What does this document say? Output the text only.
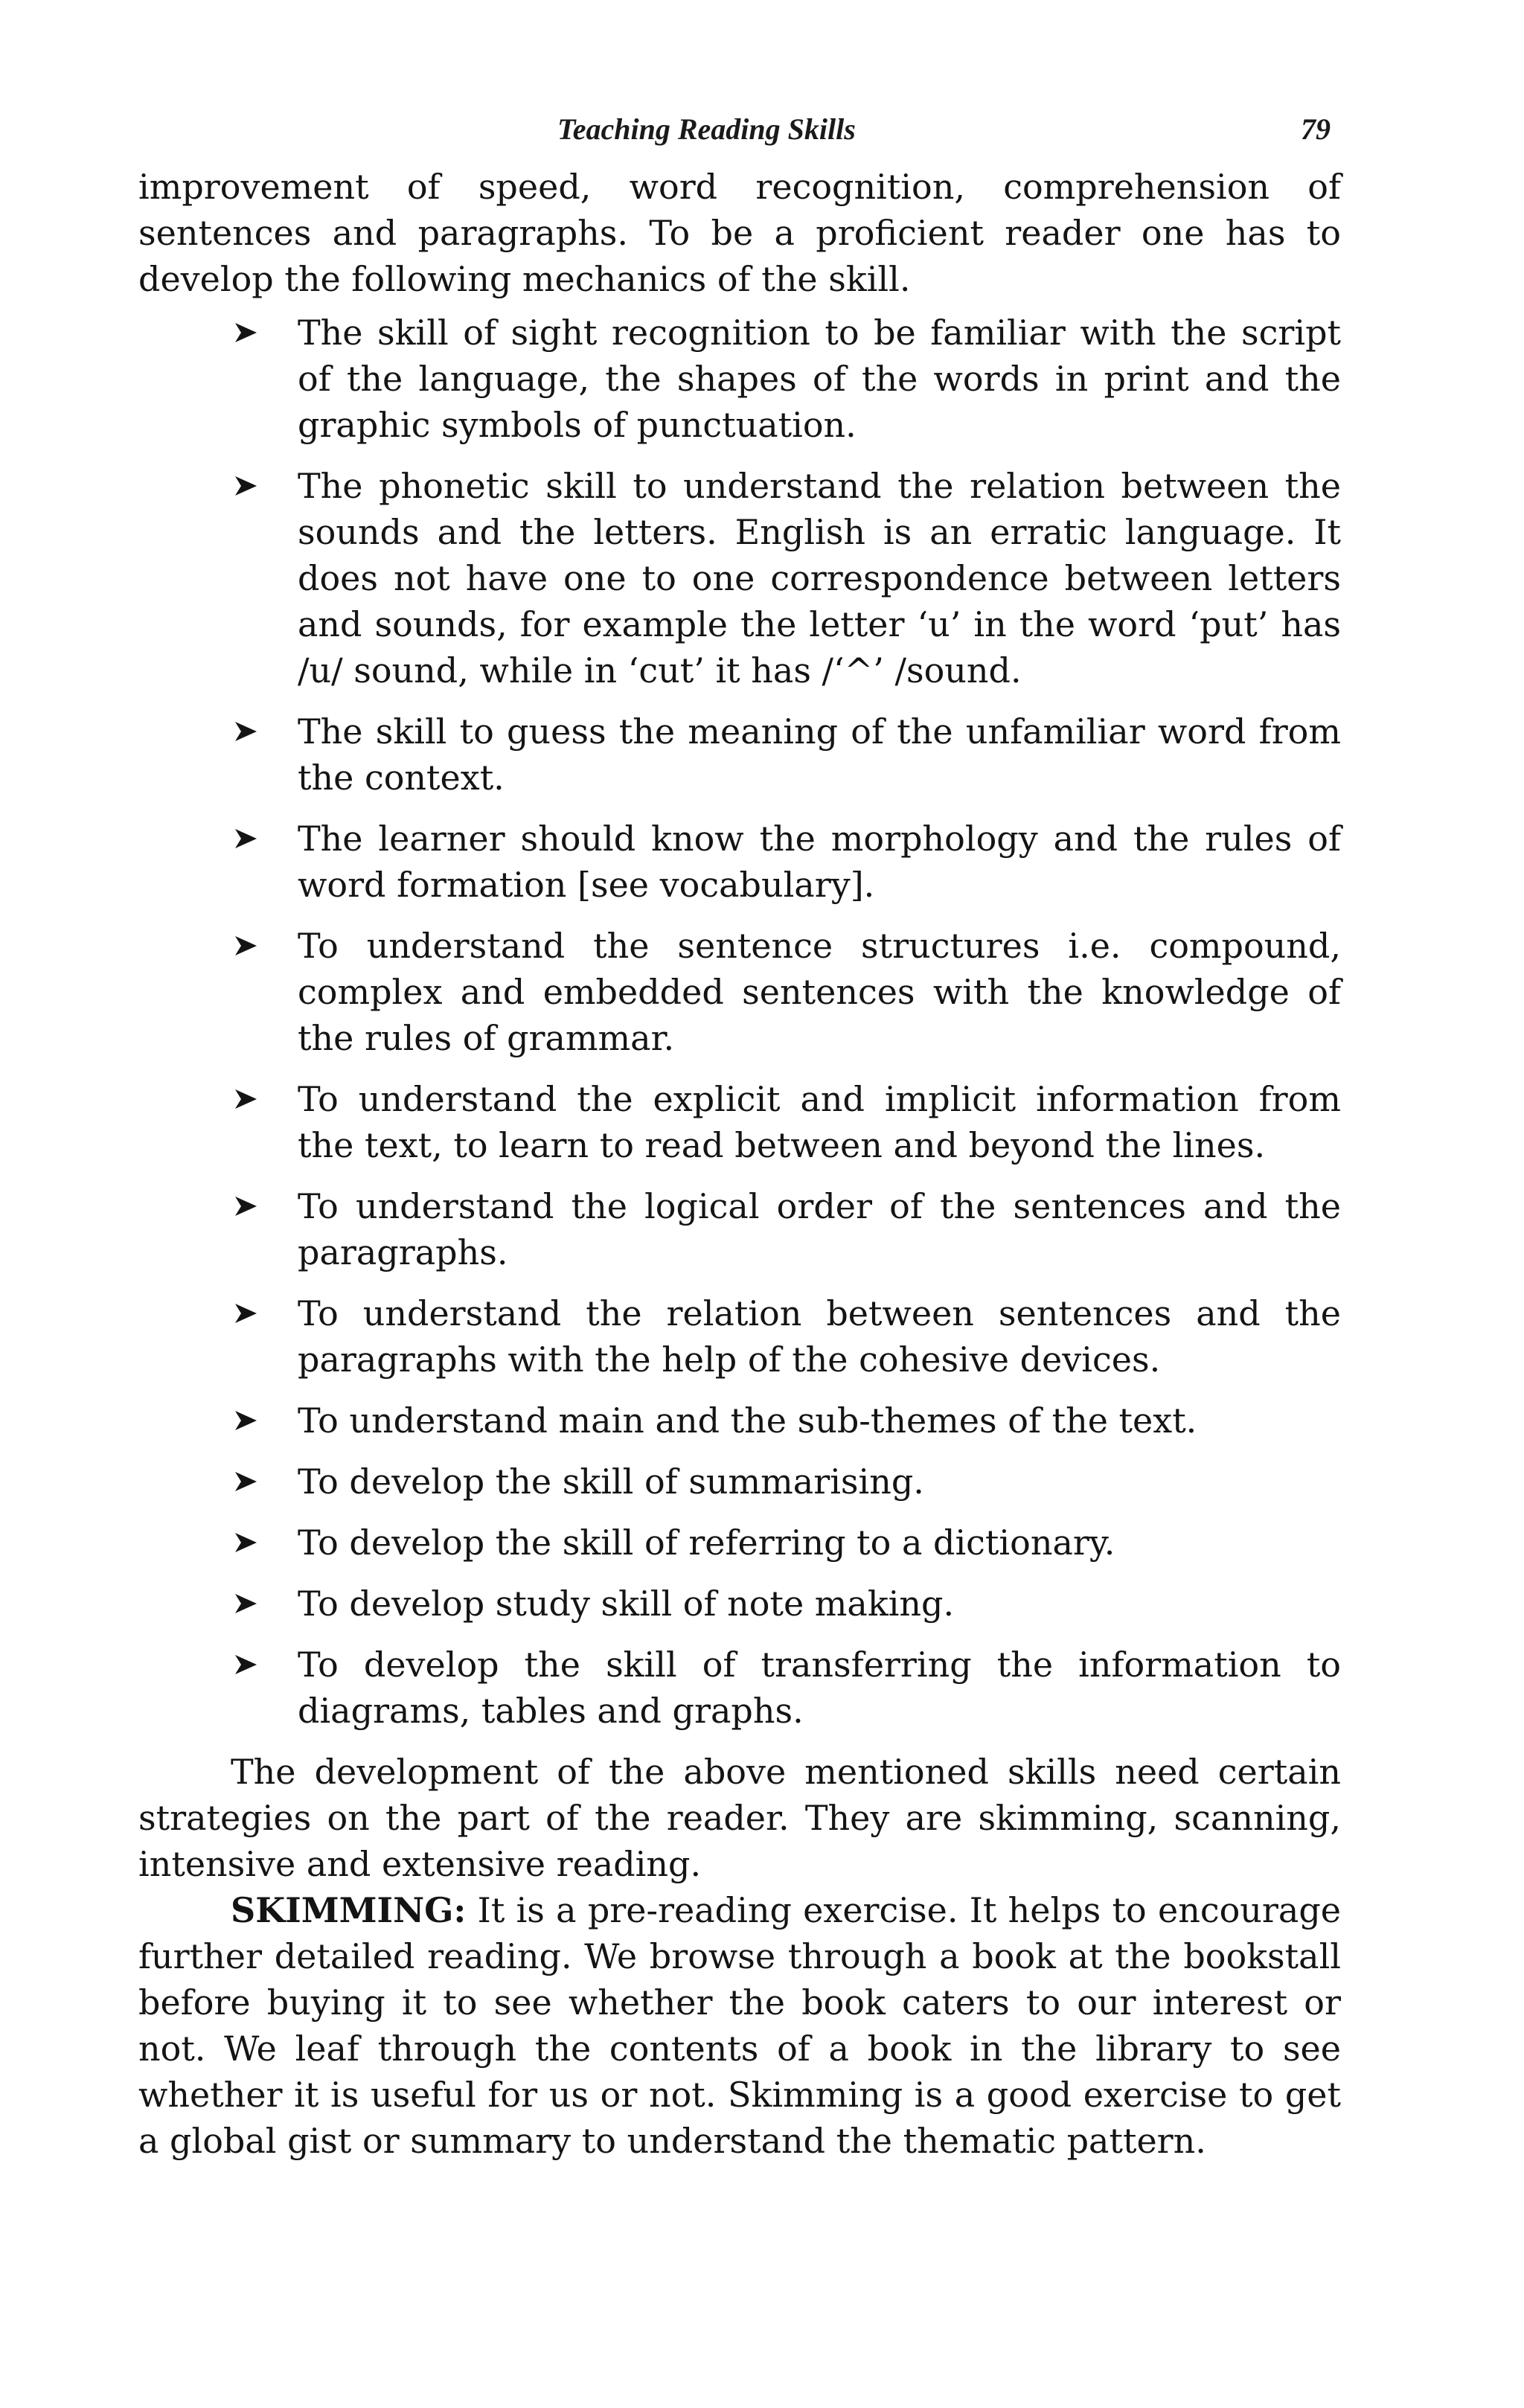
Teaching Reading Skills	79

improvement of speed, word recognition, comprehension of sentences and paragraphs. To be a proficient reader one has to develop the following mechanics of the skill.

The skill of sight recognition to be familiar with the script of the language, the shapes of the words in print and the graphic symbols of punctuation.
The phonetic skill to understand the relation between the sounds and the letters. English is an erratic language. It does not have one to one correspondence between letters and sounds, for example the letter ‘u’ in the word ‘put’ has /u/ sound, while in ‘cut’ it has /‘^’ /sound.
The skill to guess the meaning of the unfamiliar word from the context.
The learner should know the morphology and the rules of word formation [see vocabulary].
To understand the sentence structures i.e. compound, complex and embedded sentences with the knowledge of the rules of grammar.
To understand the explicit and implicit information from the text, to learn to read between and beyond the lines.
To understand the logical order of the sentences and the paragraphs.
To understand the relation between sentences and the paragraphs with the help of the cohesive devices.
To understand main and the sub-themes of the text.
To develop the skill of summarising.
To develop the skill of referring to a dictionary.
To develop study skill of note making.
To develop the skill of transferring the information to diagrams, tables and graphs.

The development of the above mentioned skills need certain strategies on the part of the reader. They are skimming, scanning, intensive and extensive reading.

SKIMMING: It is a pre-reading exercise. It helps to encourage further detailed reading. We browse through a book at the bookstall before buying it to see whether the book caters to our interest or not. We leaf through the contents of a book in the library to see whether it is useful for us or not. Skimming is a good exercise to get a global gist or summary to understand the thematic pattern.
